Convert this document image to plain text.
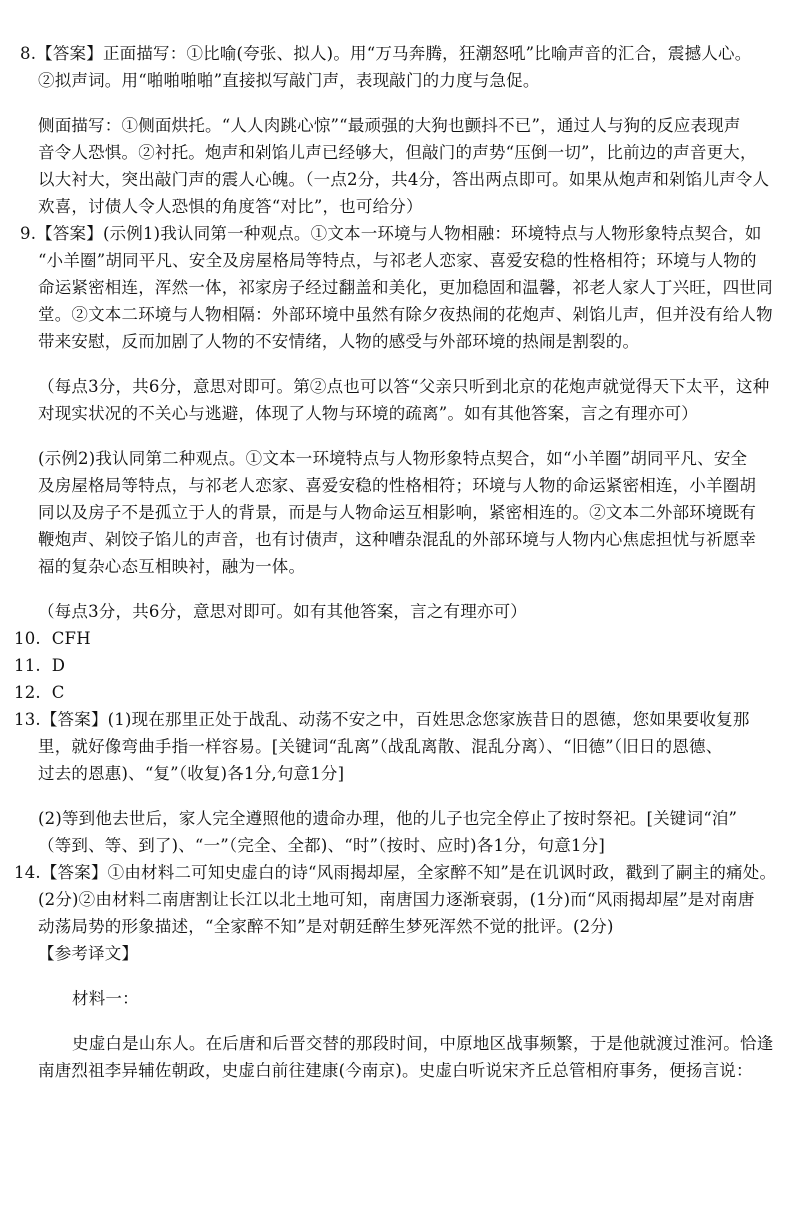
8.【答案】正面描写：①比喻(夸张、拟人)。用“万马奔腾，狂潮怒吼”比喻声音的汇合，震撼人心。

②拟声词。用“啪啪啪啪”直接拟写敲门声，表现敲门的力度与急促。

侧面描写：①侧面烘托。“人人肉跳心惊”“最顽强的大狗也颤抖不已”，通过人与狗的反应表现声

音令人恐惧。②衬托。炮声和剁馅儿声已经够大，但敲门的声势“压倒一切”，比前边的声音更大，

以大衬大，突出敲门声的震人心魄。（一点2分，共4分，答出两点即可。如果从炮声和剁馅儿声令人

欢喜，讨债人令人恐惧的角度答“对比”，也可给分）

9.【答案】(示例1)我认同第一种观点。①文本一环境与人物相融：环境特点与人物形象特点契合，如

“小羊圈”胡同平凡、安全及房屋格局等特点，与祁老人恋家、喜爱安稳的性格相符；环境与人物的

命运紧密相连，浑然一体，祁家房子经过翻盖和美化，更加稳固和温馨，祁老人家人丁兴旺，四世同

堂。②文本二环境与人物相隔：外部环境中虽然有除夕夜热闹的花炮声、剁馅儿声，但并没有给人物

带来安慰，反而加剧了人物的不安情绪，人物的感受与外部环境的热闹是割裂的。

（每点3分，共6分，意思对即可。第②点也可以答“父亲只听到北京的花炮声就觉得天下太平，这种

对现实状况的不关心与逃避，体现了人物与环境的疏离”。如有其他答案，言之有理亦可）

(示例2)我认同第二种观点。①文本一环境特点与人物形象特点契合，如“小羊圈”胡同平凡、安全

及房屋格局等特点，与祁老人恋家、喜爱安稳的性格相符；环境与人物的命运紧密相连，小羊圈胡

同以及房子不是孤立于人的背景，而是与人物命运互相影响，紧密相连的。②文本二外部环境既有

鞭炮声、剁饺子馅儿的声音，也有讨债声，这种嘈杂混乱的外部环境与人物内心焦虑担忧与祈愿幸

福的复杂心态互相映衬，融为一体。

（每点3分，共6分，意思对即可。如有其他答案，言之有理亦可）

10.  CFH

11.  D

12.  C

13.【答案】(1)现在那里正处于战乱、动荡不安之中，百姓思念您家族昔日的恩德，您如果要收复那

里，就好像弯曲手指一样容易。[关键词“乱离”（战乱离散、混乱分离）、“旧德”（旧日的恩德、

过去的恩惠)、“复”（收复)各1分,句意1分]

(2)等到他去世后，家人完全遵照他的遗命办理，他的儿子也完全停止了按时祭祀。[关键词“洎”

（等到、等、到了)、“一”（完全、全都)、“时”（按时、应时)各1分，句意1分]

14.【答案】①由材料二可知史虚白的诗“风雨揭却屋，全家醉不知”是在讥讽时政，戳到了嗣主的痛处。

(2分)②由材料二南唐割让长江以北土地可知，南唐国力逐渐衰弱，(1分)而“风雨揭却屋”是对南唐

动荡局势的形象描述，“全家醉不知”是对朝廷醉生梦死浑然不觉的批评。(2分)

【参考译文】

材料一：

史虚白是山东人。在后唐和后晋交替的那段时间，中原地区战事频繁，于是他就渡过淮河。恰逢

南唐烈祖李异辅佐朝政，史虚白前往建康(今南京)。史虚白听说宋齐丘总管相府事务，便扬言说：
